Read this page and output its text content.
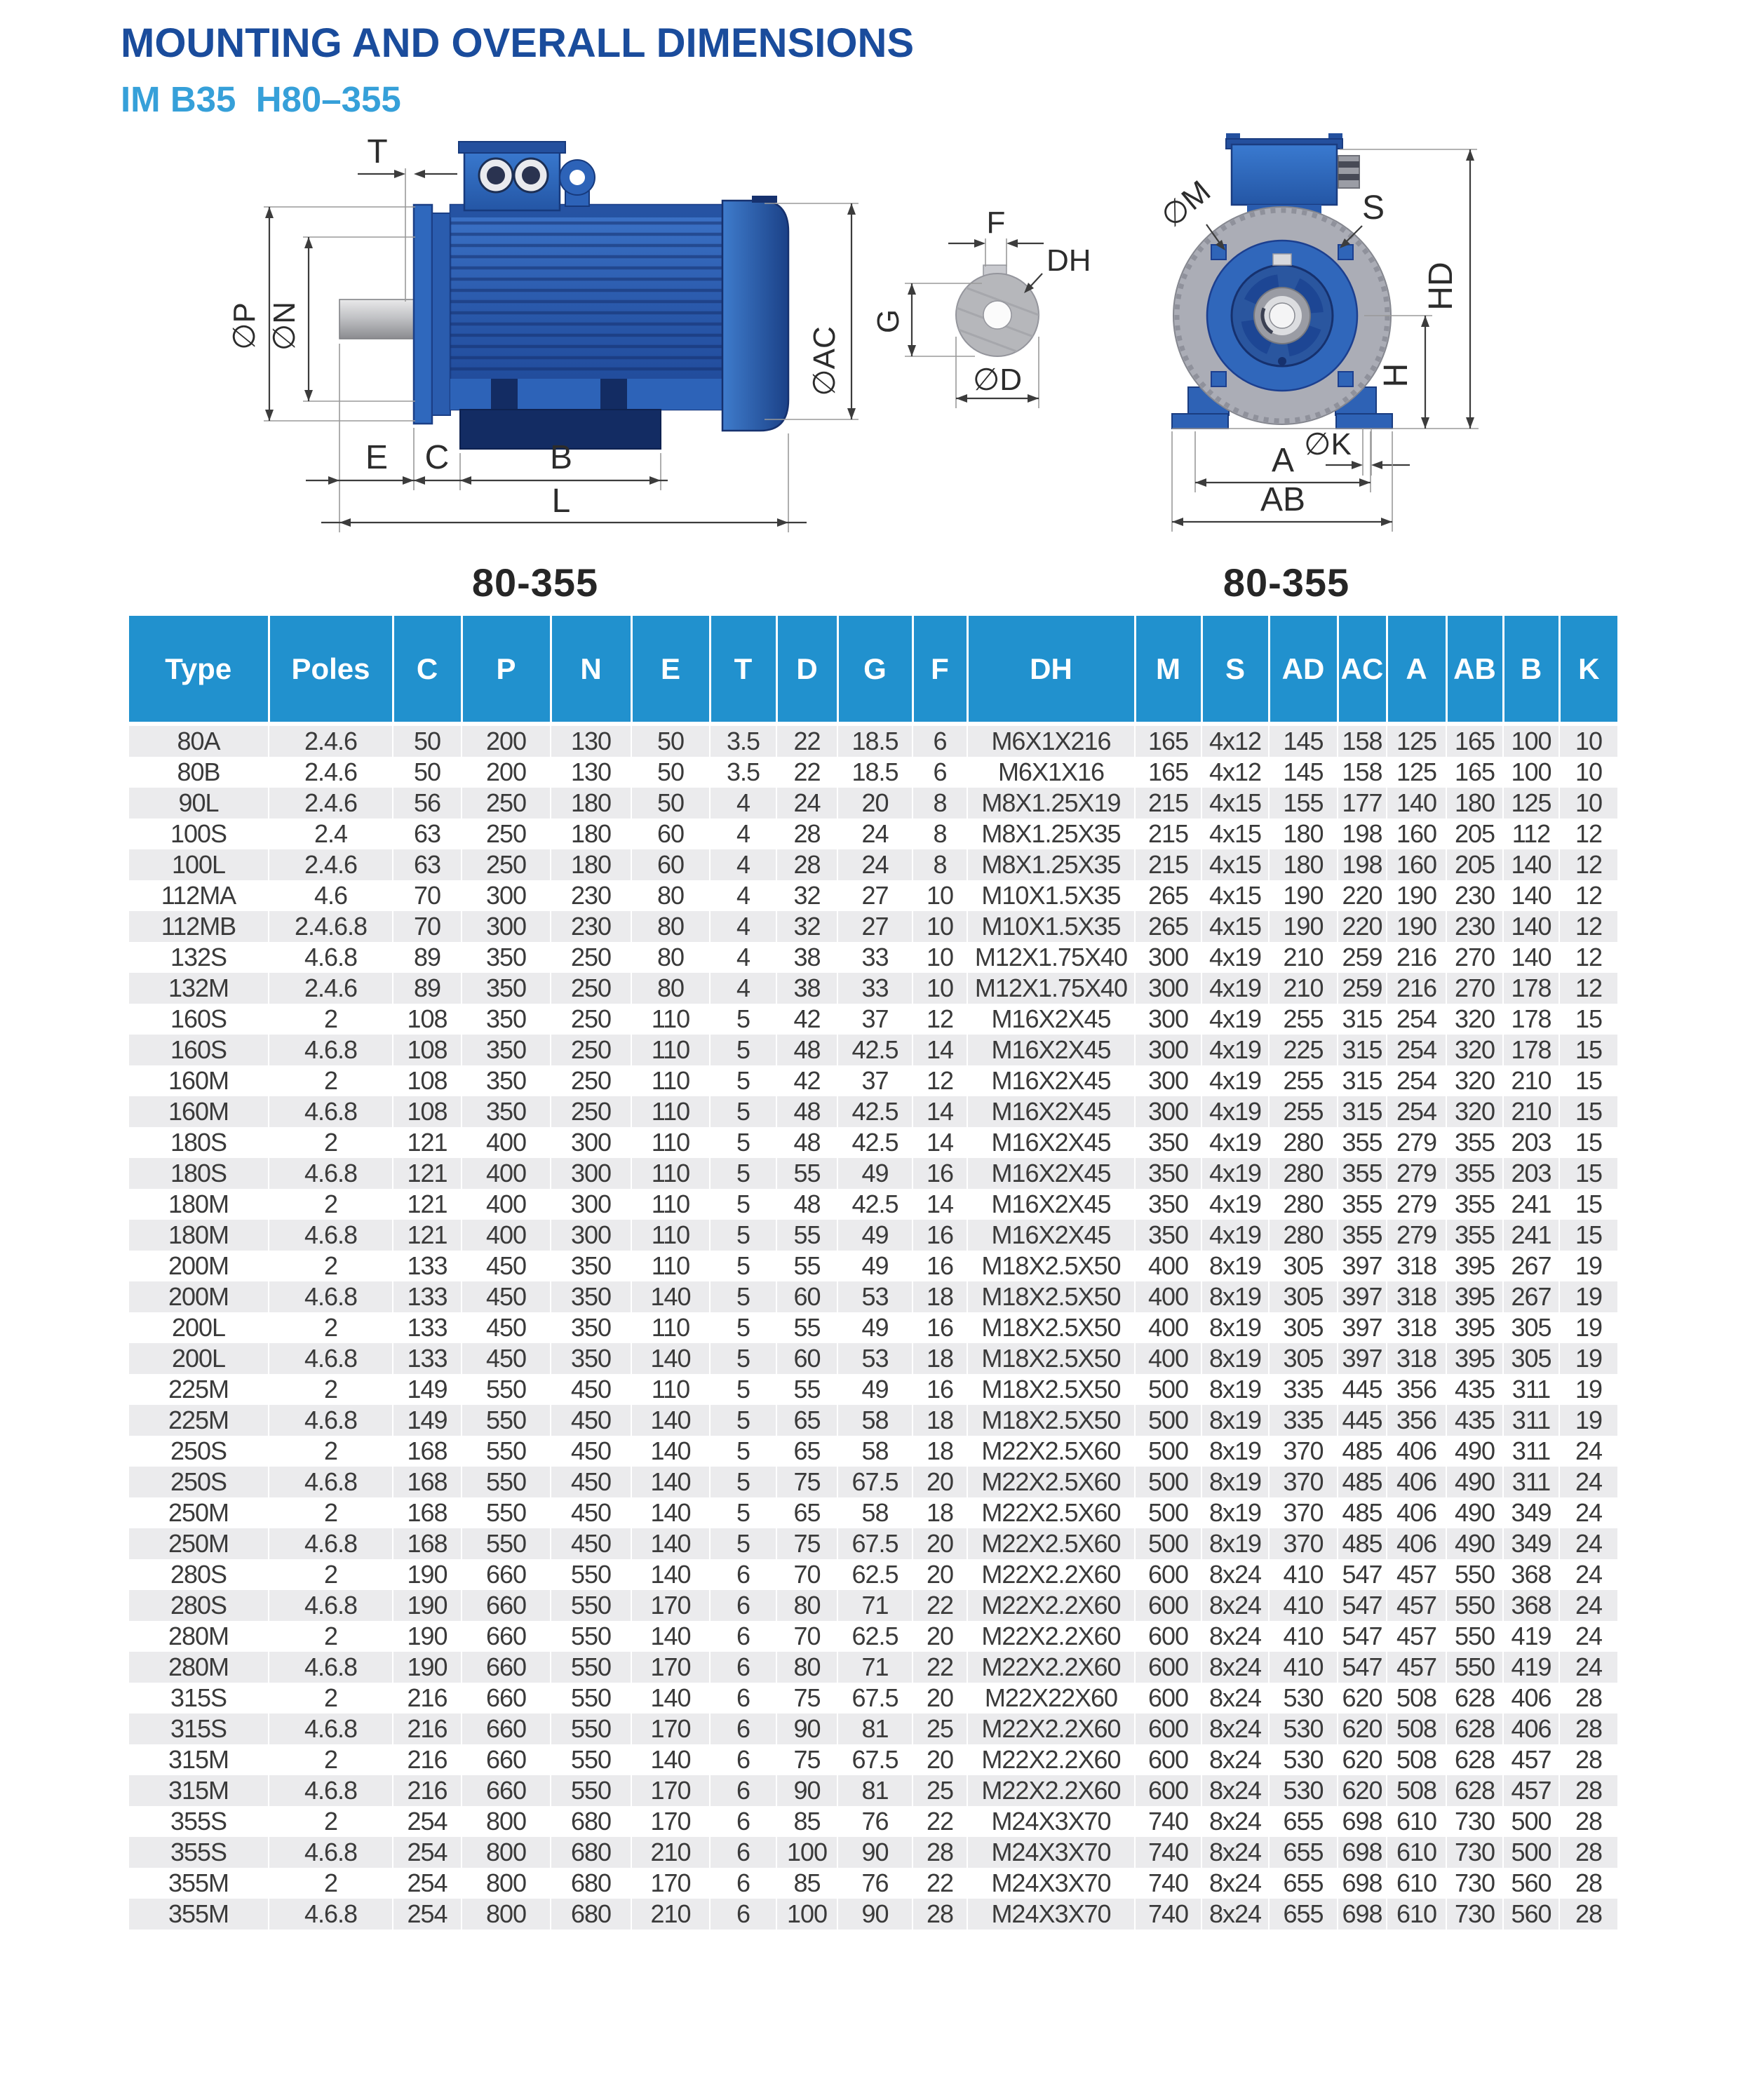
MOUNTING AND OVERALL DIMENSIONS
IM B35  H80–355
T
∅P ∅N
∅AC
E C	B
L
F
DH
G
∅D
∅M	S
HD
H
∅K
A
AB
80-355	80-355
Type	Poles	C	P	N	E	T	D	G	F	DH	M	S	AD	AC	A	AB	B	K
80A	2.4.6	50	200	130	50	3.5	22	18.5	6	M6X1X216	165	4x12	145	158	125	165	100	10
80B	2.4.6	50	200	130	50	3.5	22	18.5	6	M6X1X16	165	4x12	145	158	125	165	100	10
90L	2.4.6	56	250	180	50	4	24	20	8	M8X1.25X19	215	4x15	155	177	140	180	125	10
100S	2.4	63	250	180	60	4	28	24	8	M8X1.25X35	215	4x15	180	198	160	205	112	12
100L	2.4.6	63	250	180	60	4	28	24	8	M8X1.25X35	215	4x15	180	198	160	205	140	12
112MA	4.6	70	300	230	80	4	32	27	10	M10X1.5X35	265	4x15	190	220	190	230	140	12
112MB	2.4.6.8	70	300	230	80	4	32	27	10	M10X1.5X35	265	4x15	190	220	190	230	140	12
132S	4.6.8	89	350	250	80	4	38	33	10	M12X1.75X40	300	4x19	210	259	216	270	140	12
132M	2.4.6	89	350	250	80	4	38	33	10	M12X1.75X40	300	4x19	210	259	216	270	178	12
160S	2	108	350	250	110	5	42	37	12	M16X2X45	300	4x19	255	315	254	320	178	15
160S	4.6.8	108	350	250	110	5	48	42.5	14	M16X2X45	300	4x19	225	315	254	320	178	15
160M	2	108	350	250	110	5	42	37	12	M16X2X45	300	4x19	255	315	254	320	210	15
160M	4.6.8	108	350	250	110	5	48	42.5	14	M16X2X45	300	4x19	255	315	254	320	210	15
180S	2	121	400	300	110	5	48	42.5	14	M16X2X45	350	4x19	280	355	279	355	203	15
180S	4.6.8	121	400	300	110	5	55	49	16	M16X2X45	350	4x19	280	355	279	355	203	15
180M	2	121	400	300	110	5	48	42.5	14	M16X2X45	350	4x19	280	355	279	355	241	15
180M	4.6.8	121	400	300	110	5	55	49	16	M16X2X45	350	4x19	280	355	279	355	241	15
200M	2	133	450	350	110	5	55	49	16	M18X2.5X50	400	8x19	305	397	318	395	267	19
200M	4.6.8	133	450	350	140	5	60	53	18	M18X2.5X50	400	8x19	305	397	318	395	267	19
200L	2	133	450	350	110	5	55	49	16	M18X2.5X50	400	8x19	305	397	318	395	305	19
200L	4.6.8	133	450	350	140	5	60	53	18	M18X2.5X50	400	8x19	305	397	318	395	305	19
225M	2	149	550	450	110	5	55	49	16	M18X2.5X50	500	8x19	335	445	356	435	311	19
225M	4.6.8	149	550	450	140	5	65	58	18	M18X2.5X50	500	8x19	335	445	356	435	311	19
250S	2	168	550	450	140	5	65	58	18	M22X2.5X60	500	8x19	370	485	406	490	311	24
250S	4.6.8	168	550	450	140	5	75	67.5	20	M22X2.5X60	500	8x19	370	485	406	490	311	24
250M	2	168	550	450	140	5	65	58	18	M22X2.5X60	500	8x19	370	485	406	490	349	24
250M	4.6.8	168	550	450	140	5	75	67.5	20	M22X2.5X60	500	8x19	370	485	406	490	349	24
280S	2	190	660	550	140	6	70	62.5	20	M22X2.2X60	600	8x24	410	547	457	550	368	24
280S	4.6.8	190	660	550	170	6	80	71	22	M22X2.2X60	600	8x24	410	547	457	550	368	24
280M	2	190	660	550	140	6	70	62.5	20	M22X2.2X60	600	8x24	410	547	457	550	419	24
280M	4.6.8	190	660	550	170	6	80	71	22	M22X2.2X60	600	8x24	410	547	457	550	419	24
315S	2	216	660	550	140	6	75	67.5	20	M22X22X60	600	8x24	530	620	508	628	406	28
315S	4.6.8	216	660	550	170	6	90	81	25	M22X2.2X60	600	8x24	530	620	508	628	406	28
315M	2	216	660	550	140	6	75	67.5	20	M22X2.2X60	600	8x24	530	620	508	628	457	28
315M	4.6.8	216	660	550	170	6	90	81	25	M22X2.2X60	600	8x24	530	620	508	628	457	28
355S	2	254	800	680	170	6	85	76	22	M24X3X70	740	8x24	655	698	610	730	500	28
355S	4.6.8	254	800	680	210	6	100	90	28	M24X3X70	740	8x24	655	698	610	730	500	28
355M	2	254	800	680	170	6	85	76	22	M24X3X70	740	8x24	655	698	610	730	560	28
355M	4.6.8	254	800	680	210	6	100	90	28	M24X3X70	740	8x24	655	698	610	730	560	28
